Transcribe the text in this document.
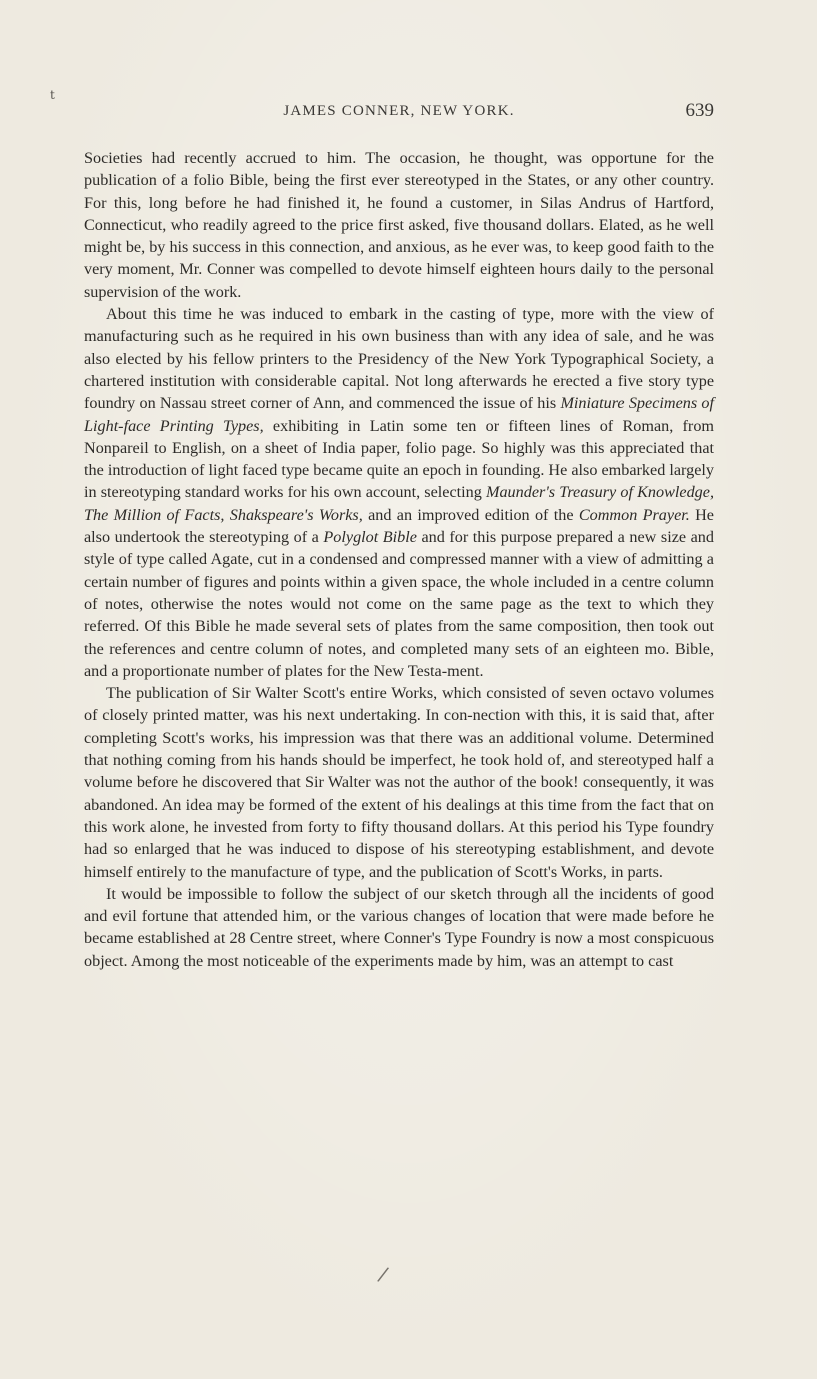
t
JAMES CONNER, NEW YORK.	639

Societies had recently accrued to him. The occasion, he thought, was opportune for the publication of a folio Bible, being the first ever stereotyped in the States, or any other country. For this, long before he had finished it, he found a customer, in Silas Andrus of Hartford, Connecticut, who readily agreed to the price first asked, five thousand dollars. Elated, as he well might be, by his success in this connection, and anxious, as he ever was, to keep good faith to the very moment, Mr. Conner was compelled to devote himself eighteen hours daily to the personal supervision of the work.

About this time he was induced to embark in the casting of type, more with the view of manufacturing such as he required in his own business than with any idea of sale, and he was also elected by his fellow printers to the Presidency of the New York Typographical Society, a chartered institution with considerable capital. Not long afterwards he erected a five story type foundry on Nassau street corner of Ann, and commenced the issue of his Miniature Specimens of Light-face Printing Types, exhibiting in Latin some ten or fifteen lines of Roman, from Nonpareil to English, on a sheet of India paper, folio page. So highly was this appreciated that the introduction of light faced type became quite an epoch in founding. He also embarked largely in stereotyping standard works for his own account, selecting Maunder's Treasury of Knowledge, The Million of Facts, Shakspeare's Works, and an improved edition of the Common Prayer. He also undertook the stereotyping of a Polyglot Bible and for this purpose prepared a new size and style of type called Agate, cut in a condensed and compressed manner with a view of admitting a certain number of figures and points within a given space, the whole included in a centre column of notes, otherwise the notes would not come on the same page as the text to which they referred. Of this Bible he made several sets of plates from the same composition, then took out the references and centre column of notes, and completed many sets of an eighteen mo. Bible, and a proportionate number of plates for the New Testa-ment.

The publication of Sir Walter Scott's entire Works, which consisted of seven octavo volumes of closely printed matter, was his next undertaking. In con-nection with this, it is said that, after completing Scott's works, his impression was that there was an additional volume. Determined that nothing coming from his hands should be imperfect, he took hold of, and stereotyped half a volume before he discovered that Sir Walter was not the author of the book! consequently, it was abandoned. An idea may be formed of the extent of his dealings at this time from the fact that on this work alone, he invested from forty to fifty thousand dollars. At this period his Type foundry had so enlarged that he was induced to dispose of his stereotyping establishment, and devote himself entirely to the manufacture of type, and the publication of Scott's Works, in parts.

It would be impossible to follow the subject of our sketch through all the incidents of good and evil fortune that attended him, or the various changes of location that were made before he became established at 28 Centre street, where Conner's Type Foundry is now a most conspicuous object. Among the most noticeable of the experiments made by him, was an attempt to cast

/
